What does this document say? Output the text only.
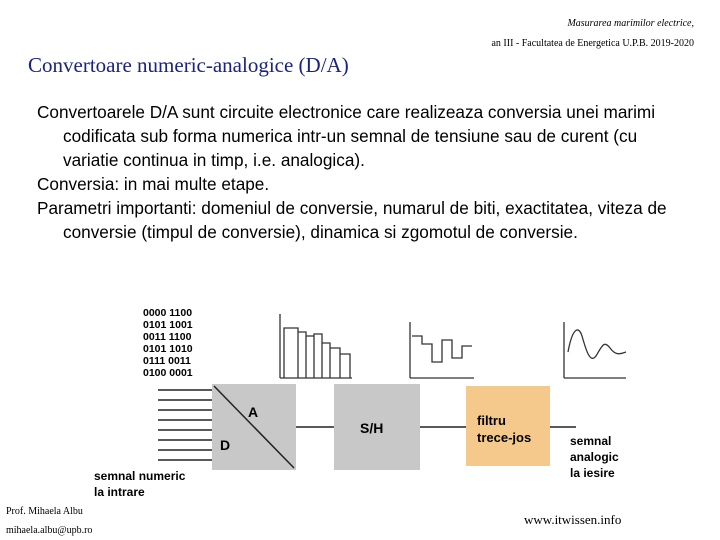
Masurarea marimilor electrice,
an III - Facultatea de Energetica U.P.B. 2019-2020
Convertoare numeric-analogice (D/A)

Convertoarele D/A sunt circuite electronice care realizeaza conversia unei marimi codificata sub forma numerica intr-un semnal de tensiune sau de curent (cu variatie continua in timp, i.e. analogica).

Conversia: in mai multe etape.

Parametri importanti: domeniul de conversie, numarul de biti, exactitatea, viteza de conversie (timpul de conversie), dinamica si zgomotul de conversie.

0000 1100
0101 1001
0011 1100
0101 1010
0111 0011
0100 0001
A
D
S/H	filtru
trece-jos	semnal
analogic
la iesire
semnal numeric
la intrare
Prof. Mihaela Albu
mihaela.albu@upb.ro
www.itwissen.info
